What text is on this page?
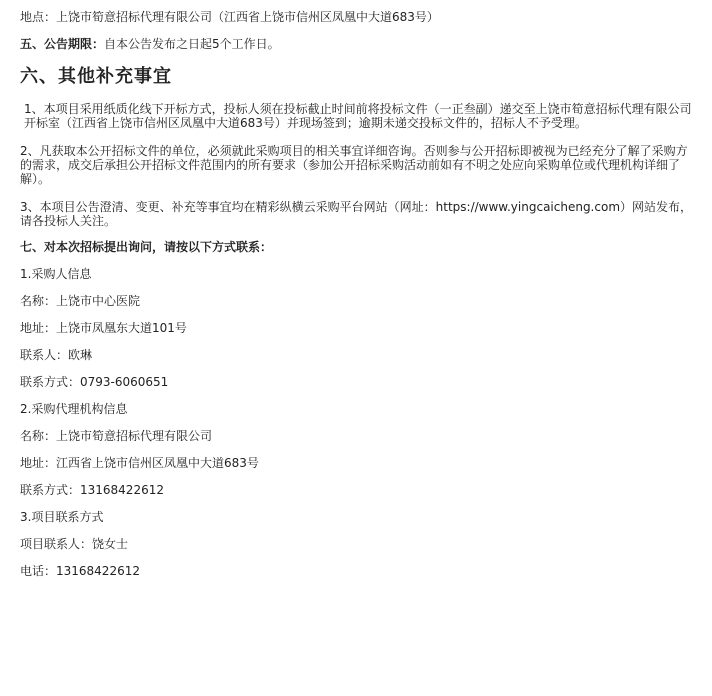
地点：上饶市筍意招标代理有限公司（江西省上饶市信州区凤凰中大道683号）

五、公告期限：自本公告发布之日起5个工作日。

六、其他补充事宜

1、本项目采用纸质化线下开标方式，投标人须在投标截止时间前将投标文件（一正叁副）递交至上饶市筍意招标代理有限公司开标室（江西省上饶市信州区凤凰中大道683号）并现场签到；逾期未递交投标文件的，招标人不予受理。

2、凡获取本公开招标文件的单位，必须就此采购项目的相关事宜详细咨询。否则参与公开招标即被视为已经充分了解了采购方的需求，成交后承担公开招标文件范围内的所有要求（参加公开招标采购活动前如有不明之处应向采购单位或代理机构详细了解）。

3、本项目公告澄清、变更、补充等事宜均在精彩纵横云采购平台网站（网址：https://www.yingcaicheng.com）网站发布，请各投标人关注。

七、对本次招标提出询问，请按以下方式联系：

1.采购人信息

名称：上饶市中心医院

地址：上饶市凤凰东大道101号

联系人：欧琳

联系方式：0793-6060651

2.采购代理机构信息

名称：上饶市筍意招标代理有限公司

地址：江西省上饶市信州区凤凰中大道683号

联系方式：13168422612

3.项目联系方式

项目联系人：饶女士

电话：13168422612
